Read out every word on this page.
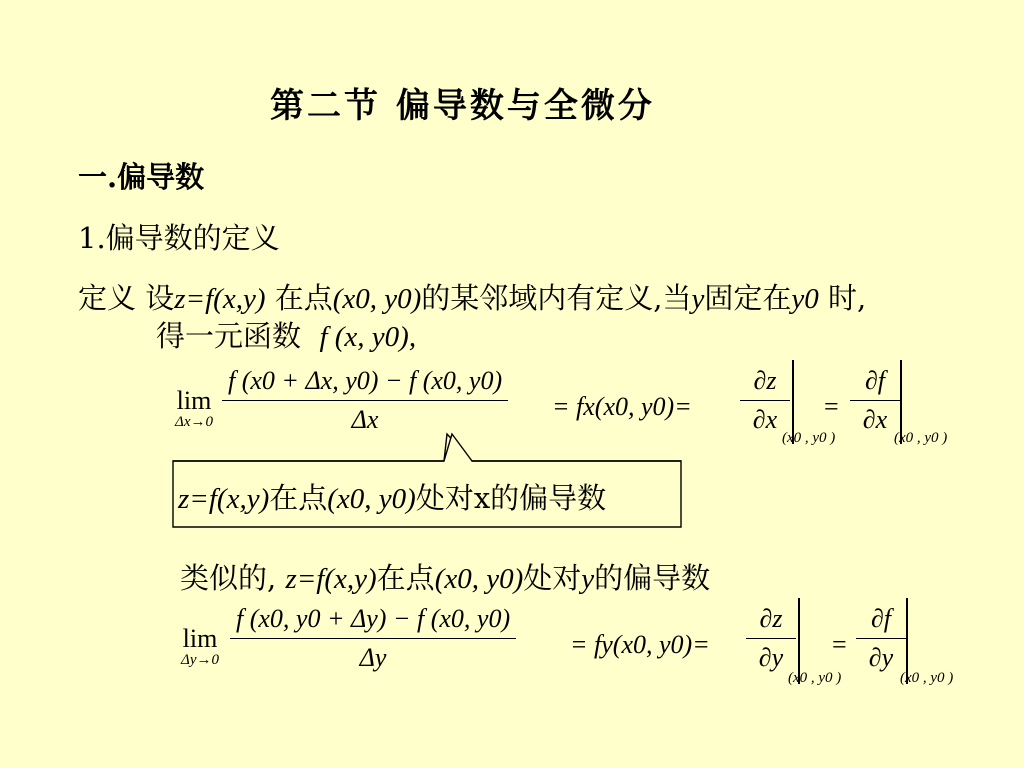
第二节 偏导数与全微分
一.偏导数
1.偏导数的定义
定义 设z=f(x,y) 在点(x0, y0)的某邻域内有定义,当y固定在y0 时,
得一元函数 f (x, y0),
lim
$\Delta x\to 0 \frac{f (x0 + \Delta x, y0) - f (x0, y0)}{\Delta x} = fx(x0$, $y0)= \frac{\partial z}{\partial x}$
(x0 , y0 )
= $\frac{\partial f}{\partial x}$
(x0 , y0 )
z=f(x,y)在点(x0, y0)处对x的偏导数
类似的, z=f(x,y)在点(x0, y0)处对y的偏导数
lim
$\Delta y\to 0 \frac{f (x0, y0 + \Delta y) - f (x0, y0)}{\Delta y} = fy(x0$, $y0)= \frac{\partial z}{\partial y}$
(x0 , y0 )
= $\frac{\partial f}{\partial y}$
(x0 , y0 )
